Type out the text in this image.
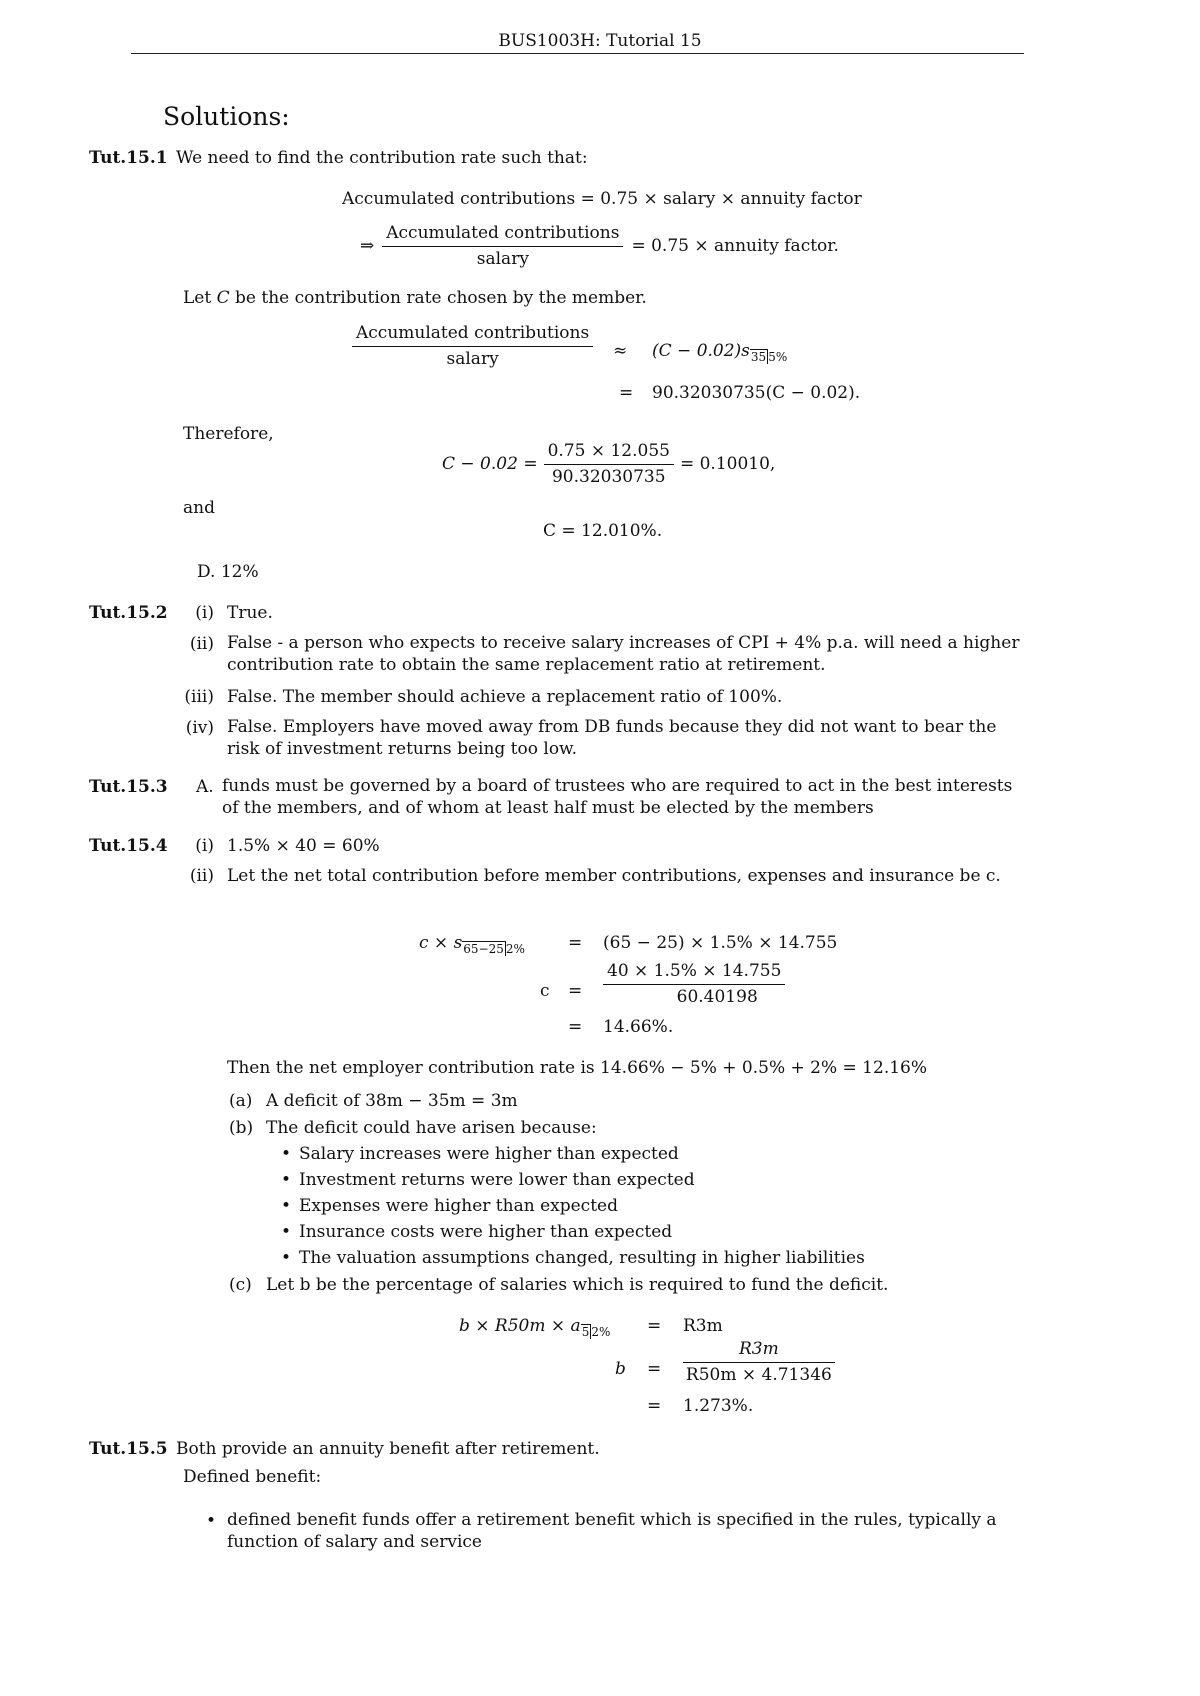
BUS1003H: Tutorial 15
Solutions:
Tut.15.1 We need to find the contribution rate such that:
Accumulated contributions = 0.75 × salary × annuity factor
⇒ $\frac{\text{Accumulated contributions}}{\text{salary}} = 0.75$ × annuity factor.
Let C be the contribution rate chosen by the member.
$\frac{\text{Accumulated contributions}}{\text{salary}} \approx (C - 0.02)s_{35 5\%}$
= 90.32030735(C − 0.02).
Therefore,
$C - 0.02 = \frac{0.75 \times 12.055}{90.32030735} = 0.10010$,
and
C = 12.010%.
D. 12%
Tut.15.2	(i) True.
(ii) False - a person who expects to receive salary increases of CPI + 4% p.a. will need a higher contribution rate to obtain the same replacement ratio at retirement.
(iii) False. The member should achieve a replacement ratio of 100%.
(iv) False. Employers have moved away from DB funds because they did not want to bear the risk of investment returns being too low.
Tut.15.3 A. funds must be governed by a board of trustees who are required to act in the best interests of the members, and of whom at least half must be elected by the members
Tut.15.4	(i) 1.5% × 40 = 60%
(ii) Let the net total contribution before member contributions, expenses and insurance be c.
$c \times s_{65-25 2\%}$	= (65 − 25) × 1.5% × 14.755
$c = \frac{40 \times 1.5\% \times 14.755}{60.40198}$
= 14.66%.
Then the net employer contribution rate is 14.66% − 5% + 0.5% + 2% = 12.16%
(a) A deficit of 38m − 35m = 3m
(b) The deficit could have arisen because:
• Salary increases were higher than expected
• Investment returns were lower than expected
• Expenses were higher than expected
• Insurance costs were higher than expected
• The valuation assumptions changed, resulting in higher liabilities
(c) Let b be the percentage of salaries which is required to fund the deficit.
$b \times R50m \times a_{5 2\%} = R3m$
$b = \frac{R3m}{R50m \times 4.71346}$
= 1.273%.
Tut.15.5 Both provide an annuity benefit after retirement.
Defined benefit:
• defined benefit funds offer a retirement benefit which is specified in the rules, typically a function of salary and service
